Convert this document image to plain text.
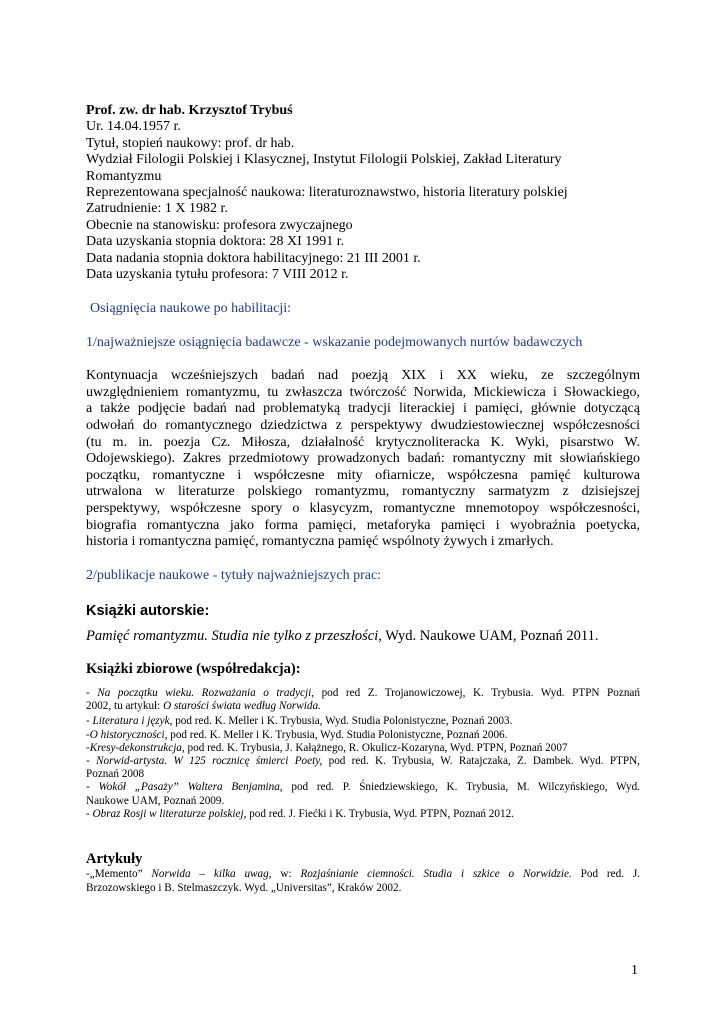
Prof. zw. dr hab. Krzysztof Trybuś
Ur. 14.04.1957 r.
Tytuł, stopień naukowy: prof. dr hab.
Wydział Filologii Polskiej i Klasycznej, Instytut Filologii Polskiej, Zakład Literatury
Romantyzmu
Reprezentowana specjalność naukowa: literaturoznawstwo, historia literatury polskiej
Zatrudnienie: 1 X 1982 r.
Obecnie na stanowisku: profesora zwyczajnego
Data uzyskania stopnia doktora: 28 XI 1991 r.
Data nadania stopnia doktora habilitacyjnego: 21 III 2001 r.
Data uzyskania tytułu profesora: 7 VIII 2012 r.
Osiągnięcia naukowe po habilitacji:
1/najważniejsze osiągnięcia badawcze - wskazanie podejmowanych nurtów badawczych
Kontynuacja wcześniejszych badań nad poezją XIX i XX wieku, ze szczególnym
uwzględnieniem romantyzmu, tu zwłaszcza twórczość Norwida, Mickiewicza i Słowackiego,
a także podjęcie badań nad problematyką tradycji literackiej i pamięci, głównie dotyczącą
odwołań do romantycznego dziedzictwa z perspektywy dwudziestowiecznej współczesności
(tu m. in. poezja Cz. Miłosza, działalność krytycznoliteracka K. Wyki, pisarstwo W.
Odojewskiego). Zakres przedmiotowy prowadzonych badań: romantyczny mit słowiańskiego
początku, romantyczne i współczesne mity ofiarnicze, współczesna pamięć kulturowa
utrwalona w literaturze polskiego romantyzmu, romantyczny sarmatyzm z dzisiejszej
perspektywy, współczesne spory o klasycyzm, romantyczne mnemotopoy współczesności,
biografia romantyczna jako forma pamięci, metaforyka pamięci i wyobraźnia poetycka,
historia i romantyczna pamięć, romantyczna pamięć wspólnoty żywych i zmarłych.
2/publikacje naukowe - tytuły najważniejszych prac:
Książki autorskie:
Pamięć romantyzmu. Studia nie tylko z przeszłości, Wyd. Naukowe UAM, Poznań 2011.
Książki zbiorowe (współredakcja):
- Na początku wieku. Rozważania o tradycji, pod red Z. Trojanowiczowej, K. Trybusia. Wyd. PTPN Poznań
2002, tu artykuł: O starości świata według Norwida.
- Literatura i język, pod red. K. Meller i K. Trybusia, Wyd. Studia Polonistyczne, Poznań 2003.
-O historyczności, pod red. K. Meller i K. Trybusia, Wyd. Studia Polonistyczne, Poznań 2006.
-Kresy-dekonstrukcja, pod red. K. Trybusia, J. Kałążnego, R. Okulicz-Kozaryna, Wyd. PTPN, Poznań 2007
- Norwid-artysta. W 125 rocznicę śmierci Poety, pod red. K. Trybusia, W. Ratajczaka, Z. Dambek. Wyd. PTPN,
Poznań 2008
- Wokół „Pasaży” Waltera Benjamina, pod red. P. Śniedziewskiego, K. Trybusia, M. Wilczyńskiego, Wyd.
Naukowe UAM, Poznań 2009.
- Obraz Rosji w literaturze polskiej, pod red. J. Fiećki i K. Trybusia, Wyd. PTPN, Poznań 2012.
Artykuły
-„Memento” Norwida – kilka uwag, w: Rozjaśnianie ciemności. Studia i szkice o Norwidzie. Pod red. J.
Brzozowskiego i B. Stelmaszczyk. Wyd. „Universitas”, Kraków 2002.
1
